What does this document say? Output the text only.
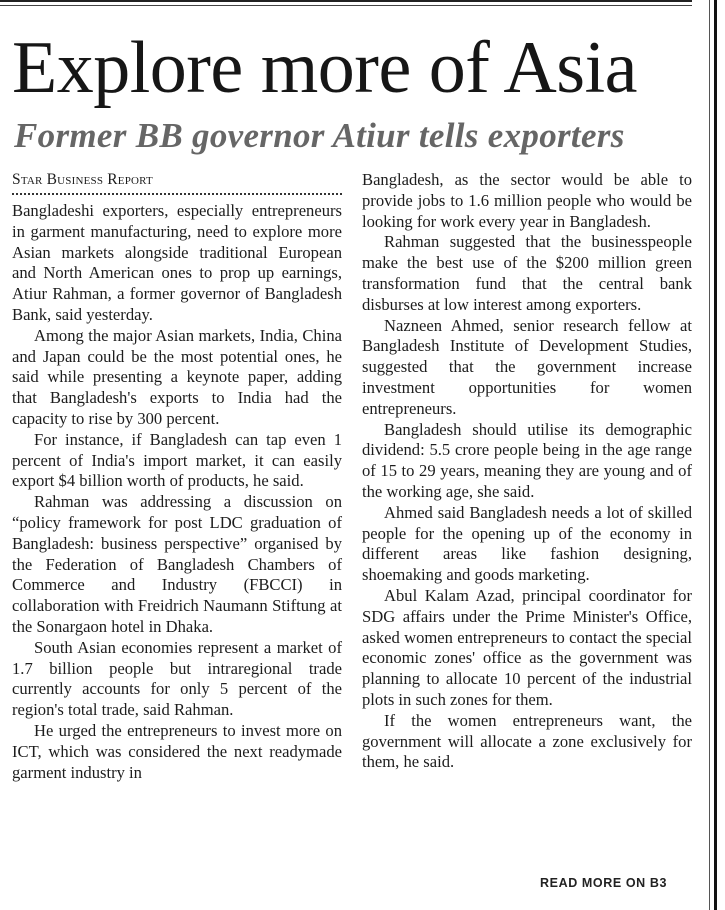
Explore more of Asia
Former BB governor Atiur tells exporters
Star Business Report

Bangladeshi exporters, especially entrepreneurs in garment manufacturing, need to explore more Asian markets alongside traditional European and North American ones to prop up earnings, Atiur Rahman, a former governor of Bangladesh Bank, said yesterday.

Among the major Asian markets, India, China and Japan could be the most potential ones, he said while presenting a keynote paper, adding that Bangladesh's exports to India had the capacity to rise by 300 percent.

For instance, if Bangladesh can tap even 1 percent of India's import market, it can easily export $4 billion worth of products, he said.

Rahman was addressing a discussion on “policy framework for post LDC graduation of Bangladesh: business perspective” organised by the Federation of Bangladesh Chambers of Commerce and Industry (FBCCI) in collaboration with Freidrich Naumann Stiftung at the Sonargaon hotel in Dhaka.

South Asian economies represent a market of 1.7 billion people but intraregional trade currently accounts for only 5 percent of the region's total trade, said Rahman.

He urged the entrepreneurs to invest more on ICT, which was considered the next readymade garment industry in

Bangladesh, as the sector would be able to provide jobs to 1.6 million people who would be looking for work every year in Bangladesh.

Rahman suggested that the businesspeople make the best use of the $200 million green transformation fund that the central bank disburses at low interest among exporters.

Nazneen Ahmed, senior research fellow at Bangladesh Institute of Development Studies, suggested that the government increase investment opportunities for women entrepreneurs.

Bangladesh should utilise its demographic dividend: 5.5 crore people being in the age range of 15 to 29 years, meaning they are young and of the working age, she said.

Ahmed said Bangladesh needs a lot of skilled people for the opening up of the economy in different areas like fashion designing, shoemaking and goods marketing.

Abul Kalam Azad, principal coordinator for SDG affairs under the Prime Minister's Office, asked women entrepreneurs to contact the special economic zones' office as the government was planning to allocate 10 percent of the industrial plots in such zones for them.

If the women entrepreneurs want, the government will allocate a zone exclusively for them, he said.

READ MORE ON B3
